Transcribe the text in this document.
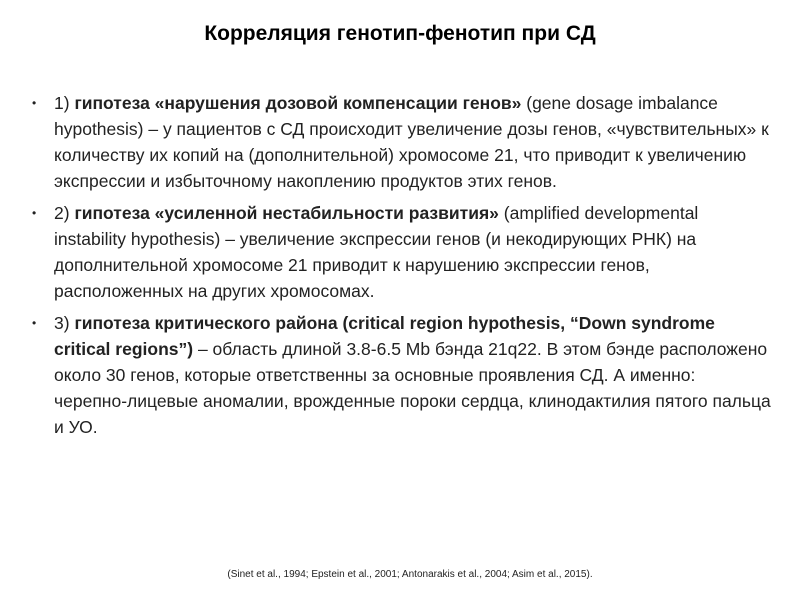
Корреляция генотип-фенотип при СД
• 1) гипотеза «нарушения дозовой компенсации генов» (gene dosage imbalance hypothesis) – у пациентов с СД происходит увеличение дозы генов, «чувствительных» к количеству их копий на (дополнительной) хромосоме 21, что приводит к увеличению экспрессии и избыточному накоплению продуктов этих генов.
• 2) гипотеза «усиленной нестабильности развития» (amplified developmental instability hypothesis) – увеличение экспрессии генов (и некодирующих РНК) на дополнительной хромосоме 21 приводит к нарушению экспрессии генов, расположенных на других хромосомах.
• 3) гипотеза критического района (critical region hypothesis, “Down syndrome critical regions”) – область длиной 3.8-6.5 Mb бэнда 21q22. В этом бэнде расположено около 30 генов, которые ответственны за основные проявления СД. А именно: черепно-лицевые аномалии, врожденные пороки сердца, клинодактилия пятого пальца и УО.
(Sinet et al., 1994; Epstein et al., 2001; Antonarakis et al., 2004; Asim et al., 2015).
